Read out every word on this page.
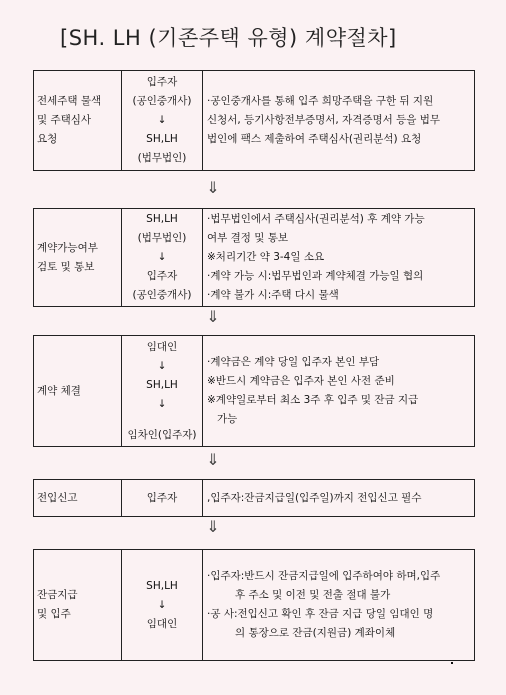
[SH. LH (기존주택 유형) 계약절차]
전세주택 물색
및 주택심사
요청
입주자
(공인중개사)
↓
SH,LH
(법무법인)
·공인중개사를 통해 입주 희망주택을 구한 뒤 지원
신청서, 등기사항전부증명서, 자격증명서 등을 법무
법인에 팩스 제출하여 주택심사(권리분석) 요청
⇓
계약가능여부
검토 및 통보
SH,LH
(법무법인)
↓
입주자
(공인중개사)
·법무법인에서 주택심사(권리분석) 후 계약 가능
여부 결정 및 통보
※처리기간 약 3-4일 소요
·계약 가능 시:법무법인과 계약체결 가능일 협의
·계약 불가 시:주택 다시 물색
⇓
계약 체결
임대인
↓
SH,LH
↓
임차인(입주자)
·계약금은 계약 당일 입주자 본인 부담
※반드시 계약금은 입주자 본인 사전 준비
※계약일로부터 최소 3주 후 입주 및 잔금 지급
가능
⇓
전입신고	입주자	,입주자:잔금지급일(입주일)까지 전입신고 필수
⇓
잔금지급
및 입주
SH,LH
↓
임대인
·입주자:반드시 잔금지급일에 입주하여야 하며,입주
후 주소 및 이전 및 전출 절대 불가
·공 사:전입신고 확인 후 잔금 지급 당일 임대인 명
의 통장으로 잔금(지원금) 계좌이체
